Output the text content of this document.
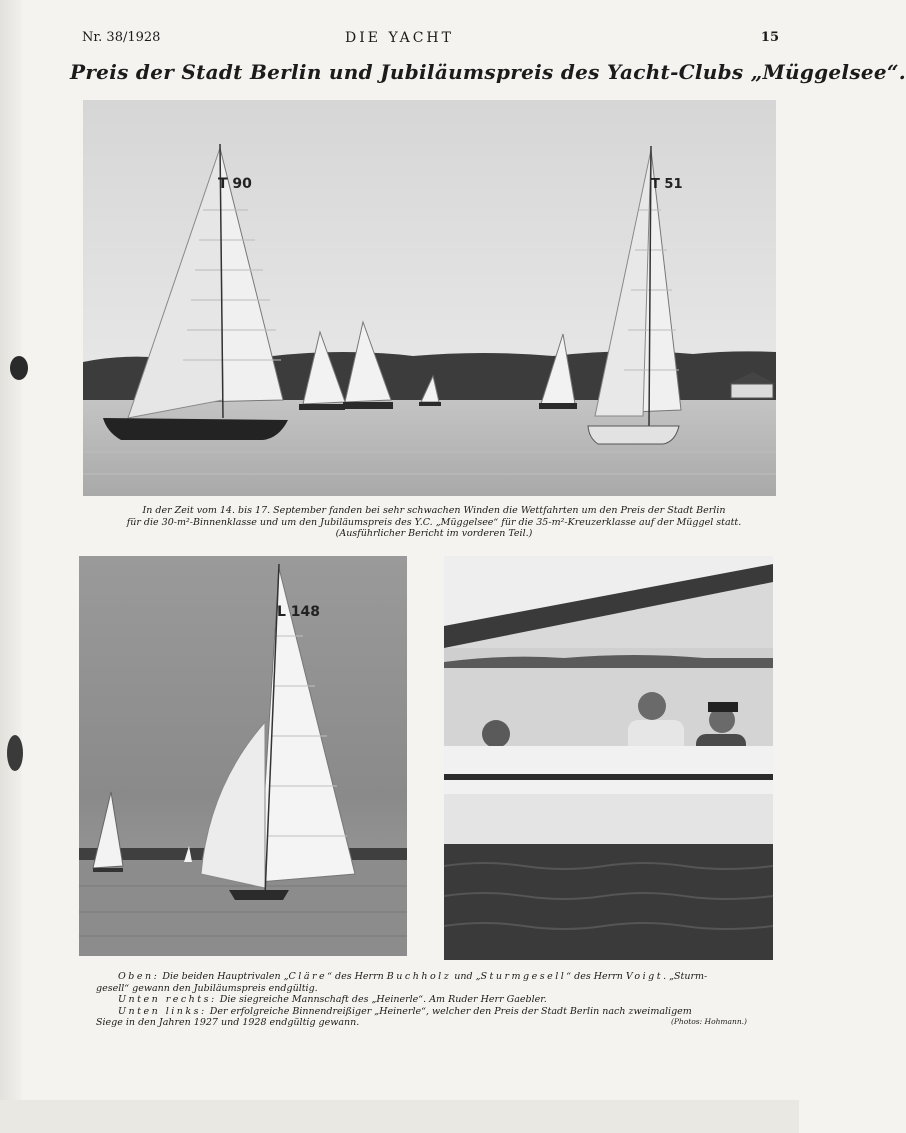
Nr. 38/1928	DIE YACHT	15
Preis der Stadt Berlin und Jubiläumspreis des Yacht-Clubs „Müggelsee“.
T 90	T 51

In der Zeit vom 14. bis 17. September fanden bei sehr schwachen Winden die Wettfahrten um den Preis der Stadt Berlin

für die 30-m²-Binnenklasse und um den Jubiläumspreis des Y.C. „Müggelsee“ für die 35-m²-Kreuzerklasse auf der Müggel statt.

(Ausführlicher Bericht im vorderen Teil.)

L 148

Oben: Die beiden Hauptrivalen „Cläre“ des Herrn Buchholz und „Sturmgesell“ des Herrn Voigt. „Sturm-

gesell“ gewann den Jubiläumspreis endgültig.

Unten rechts: Die siegreiche Mannschaft des „Heinerle“. Am Ruder Herr Gaebler.

Unten links: Der erfolgreiche Binnendreißiger „Heinerle“, welcher den Preis der Stadt Berlin nach zweimaligem

Siege in den Jahren 1927 und 1928 endgültig gewann.	(Photos: Hohmann.)
